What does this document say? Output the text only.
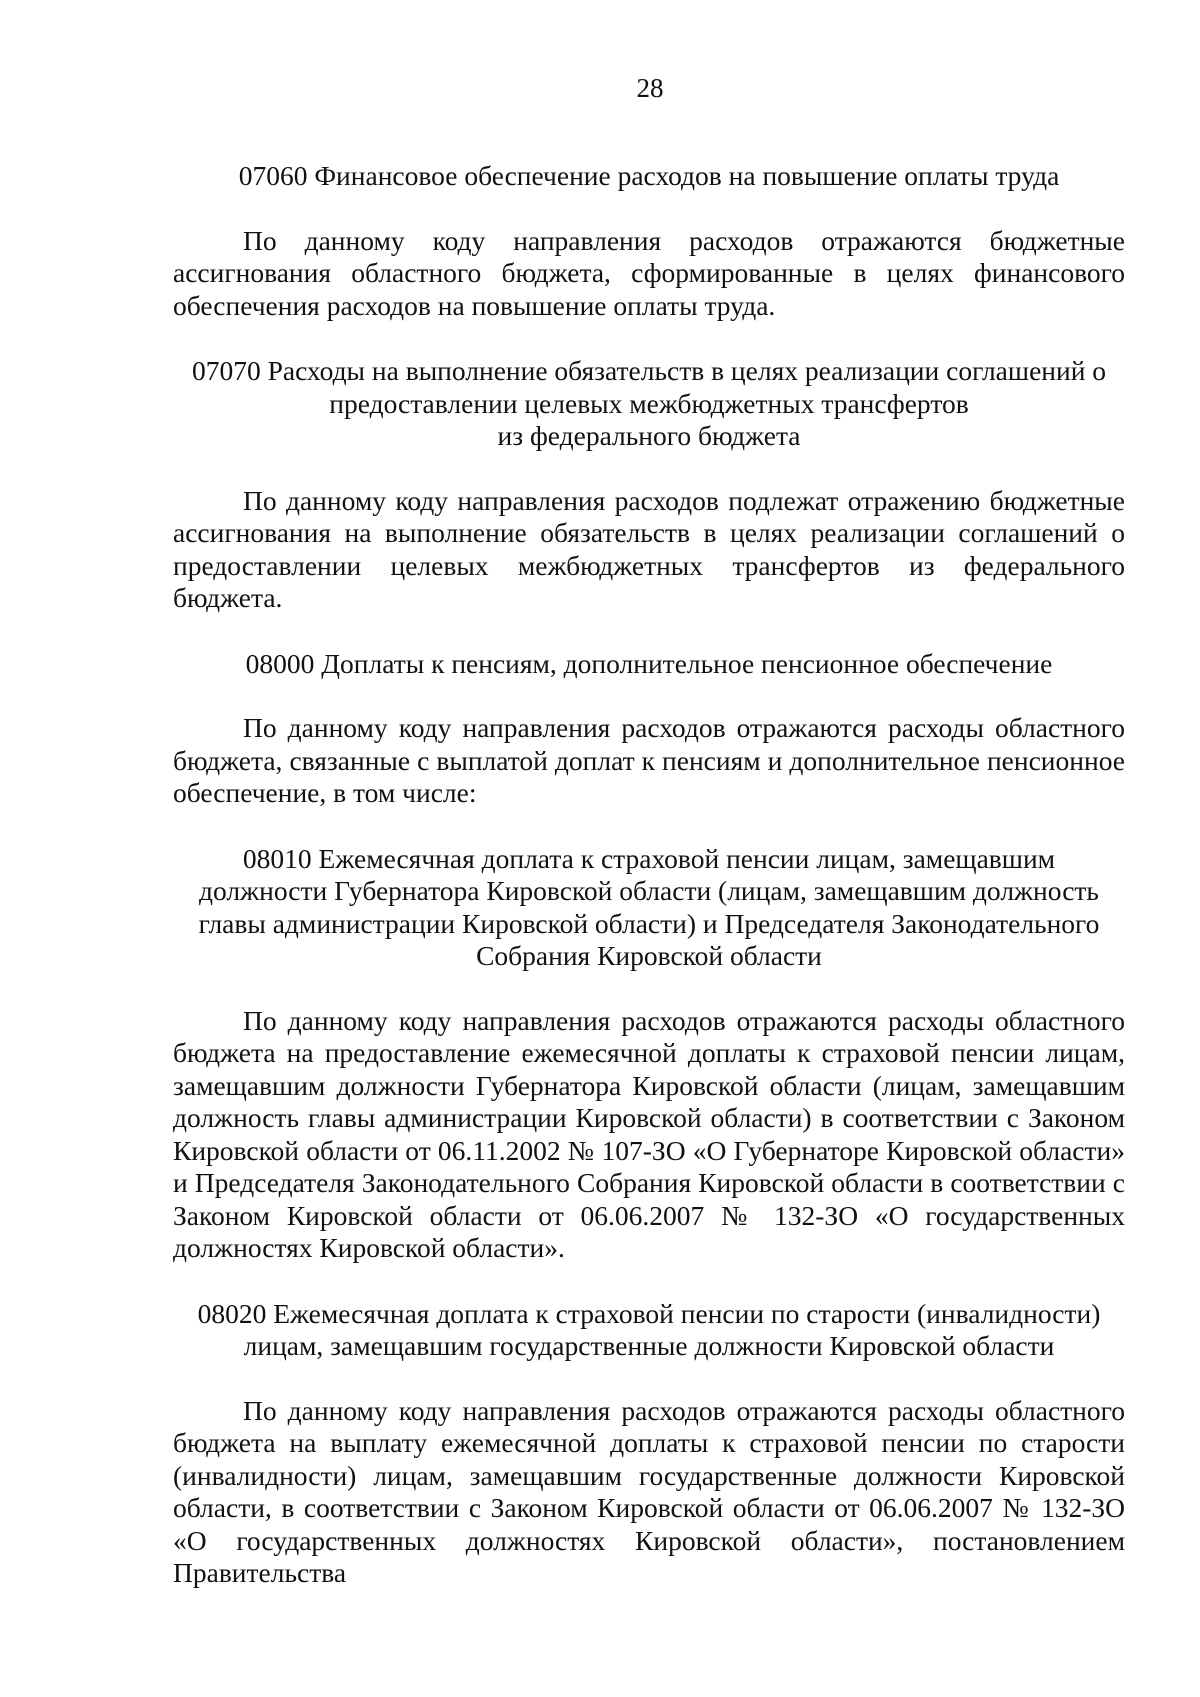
28

07060 Финансовое обеспечение расходов на повышение оплаты труда

По данному коду направления расходов отражаются бюджетные ассигнования областного бюджета, сформированные в целях финансового обеспечения расходов на повышение оплаты труда.

07070 Расходы на выполнение обязательств в целях реализации соглашений о
предоставлении целевых межбюджетных трансфертов
из федерального бюджета

По данному коду направления расходов подлежат отражению бюджетные ассигнования на выполнение обязательств в целях реализации соглашений о предоставлении целевых межбюджетных трансфертов из федерального бюджета.

08000 Доплаты к пенсиям, дополнительное пенсионное обеспечение

По данному коду направления расходов отражаются расходы областного бюджета, связанные с выплатой доплат к пенсиям и дополнительное пенсионное обеспечение, в том числе:

08010 Ежемесячная доплата к страховой пенсии лицам, замещавшим
должности Губернатора Кировской области (лицам, замещавшим должность
главы администрации Кировской области) и Председателя Законодательного
Собрания Кировской области

По данному коду направления расходов отражаются расходы областного бюджета на предоставление ежемесячной доплаты к страховой пенсии лицам, замещавшим должности Губернатора Кировской области (лицам, замещавшим должность главы администрации Кировской области) в соответствии с Законом Кировской области от 06.11.2002 № 107-ЗО «О Губернаторе Кировской области» и Председателя Законодательного Собрания Кировской области в соответствии с Законом Кировской области от 06.06.2007 № 132-ЗО «О государственных должностях Кировской области».

08020 Ежемесячная доплата к страховой пенсии по старости (инвалидности)
лицам, замещавшим государственные должности Кировской области

По данному коду направления расходов отражаются расходы областного бюджета на выплату ежемесячной доплаты к страховой пенсии по старости (инвалидности) лицам, замещавшим государственные должности Кировской области, в соответствии с Законом Кировской области от 06.06.2007 № 132-ЗО «О государственных должностях Кировской области», постановлением Правительства
